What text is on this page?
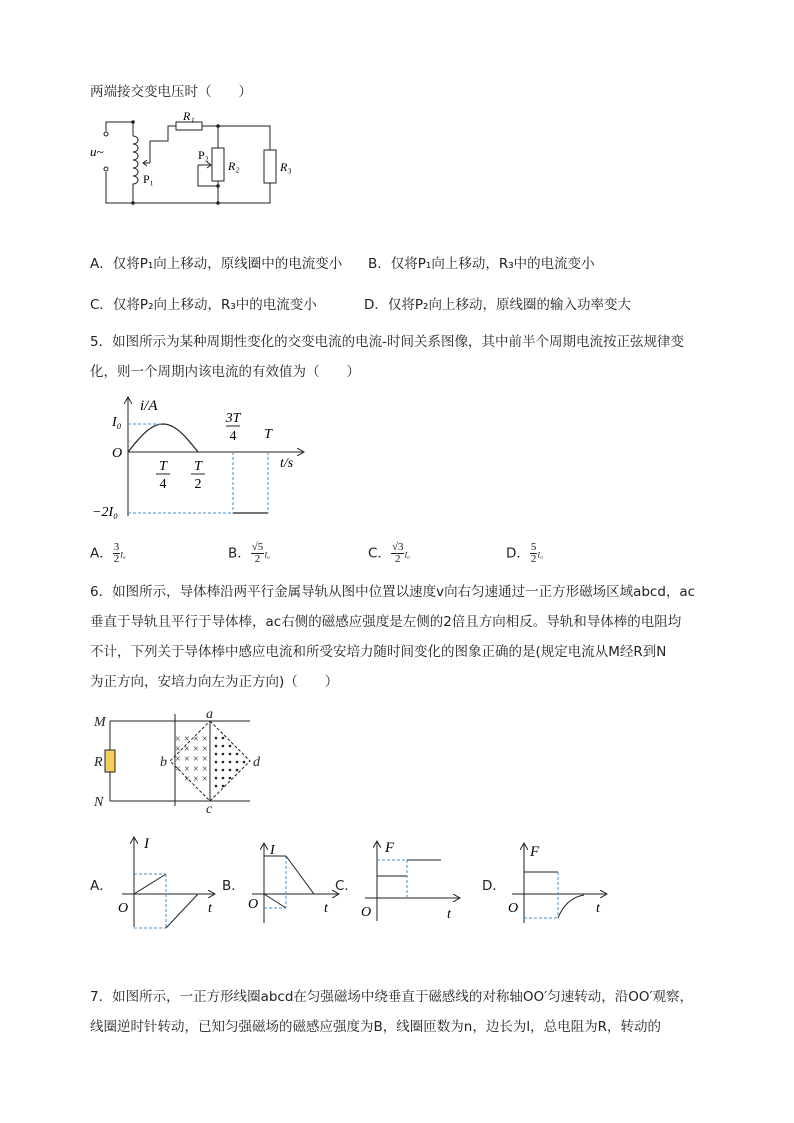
两端接交变电压时（　　）
u~
R₁
R₂	R₃
P₁
P₂
A．仅将P₁向上移动，原线圈中的电流变小 B．仅将P₁向上移动，R₃中的电流变小
C．仅将P₂向上移动，R₃中的电流变小	D．仅将P₂向上移动，原线圈的输入功率变大
5．如图所示为某种周期性变化的交变电流的电流-时间关系图像，其中前半个周期电流按正弦规律变
化，则一个周期内该电流的有效值为（　　）
T
4
T
2
3T
4 T
i/A
t/s
I₀
O
−2I₀
A． $\frac{3}{2} I_0$	B． $\frac{√5}{2} I_0$	C． $\frac{√3}{2} I_0$	D． $\frac{5}{2} I_0$
6．如图所示，导体棒沿两平行金属导轨从图中位置以速度v向右匀速通过一正方形磁场区域abcd，ac
垂直于导轨且平行于导体棒，ac右侧的磁感应强度是左侧的2倍且方向相反。导轨和导体棒的电阻均
不计，下列关于导体棒中感应电流和所受安培力随时间变化的图象正确的是(规定电流从M经R到N
为正方向，安培力向左为正方向)（　　）
× × × ×
× × × ×
× × × ×
× × × ×
× × ×
M
N
R
a
b
c
d
A．
I
O	t
B．
I
O	t
C．
F
O	t
D．
F
O	t
7．如图所示，一正方形线圈abcd在匀强磁场中绕垂直于磁感线的对称轴OO′匀速转动，沿OO′观察，
线圈逆时针转动，已知匀强磁场的磁感应强度为B，线圈匝数为n，边长为l，总电阻为R，转动的
